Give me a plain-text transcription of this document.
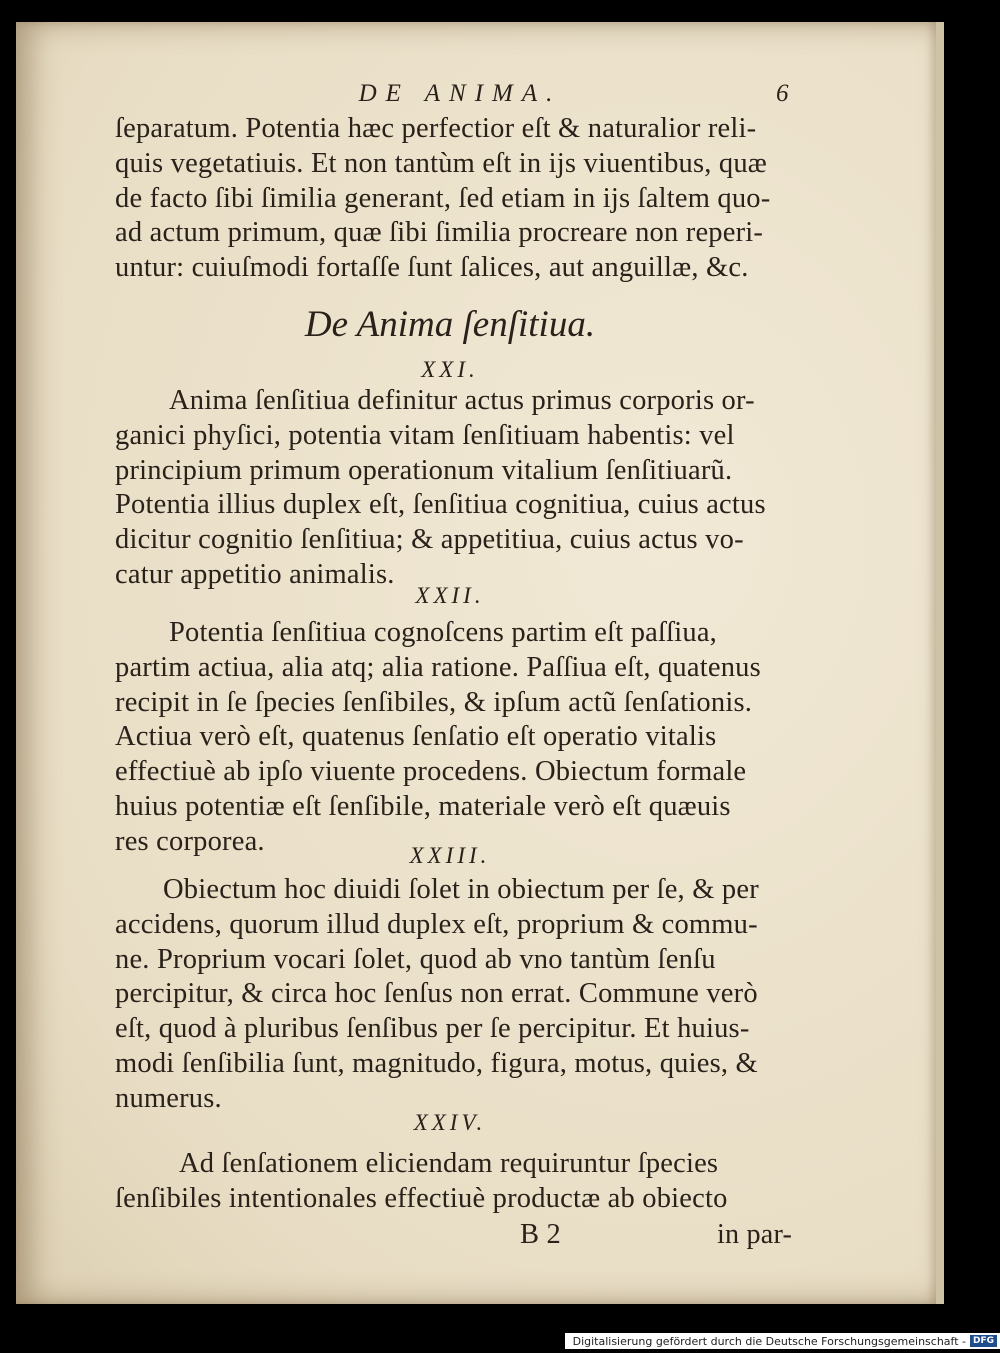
DE ANIMA.	6
ſeparatum. Potentia hæc perfectior eſt & naturalior reli-
quis vegetatiuis. Et non tantùm eſt in ijs viuentibus, quæ
de facto ſibi ſimilia generant, ſed etiam in ijs ſaltem quo-
ad actum primum, quæ ſibi ſimilia procreare non reperi-
untur: cuiuſmodi fortaſſe ſunt ſalices, aut anguillæ, &c.
De Anima ſenſitiua.
XXI.
Anima ſenſitiua definitur actus primus corporis or-
ganici phyſici, potentia vitam ſenſitiuam habentis: vel
principium primum operationum vitalium ſenſitiuarũ.
Potentia illius duplex eſt, ſenſitiua cognitiua, cuius actus
dicitur cognitio ſenſitiua; & appetitiua, cuius actus vo-
catur appetitio animalis.
XXII.
Potentia ſenſitiua cognoſcens partim eſt paſſiua,
partim actiua, alia atq; alia ratione. Paſſiua eſt, quatenus
recipit in ſe ſpecies ſenſibiles, & ipſum actũ ſenſationis.
Actiua verò eſt, quatenus ſenſatio eſt operatio vitalis
effectiuè ab ipſo viuente procedens. Obiectum formale
huius potentiæ eſt ſenſibile, materiale verò eſt quæuis
res corporea.	XXIII.
Obiectum hoc diuidi ſolet in obiectum per ſe, & per
accidens, quorum illud duplex eſt, proprium & commu-
ne. Proprium vocari ſolet, quod ab vno tantùm ſenſu
percipitur, & circa hoc ſenſus non errat. Commune verò
eſt, quod à pluribus ſenſibus per ſe percipitur. Et huius-
modi ſenſibilia ſunt, magnitudo, figura, motus, quies, &
numerus.
XXIV.
Ad ſenſationem eliciendam requiruntur ſpecies
ſenſibiles intentionales effectiuè productæ ab obiecto
B 2	in par-
Digitalisierung gefördert durch die Deutsche Forschungsgemeinschaft - DFG
